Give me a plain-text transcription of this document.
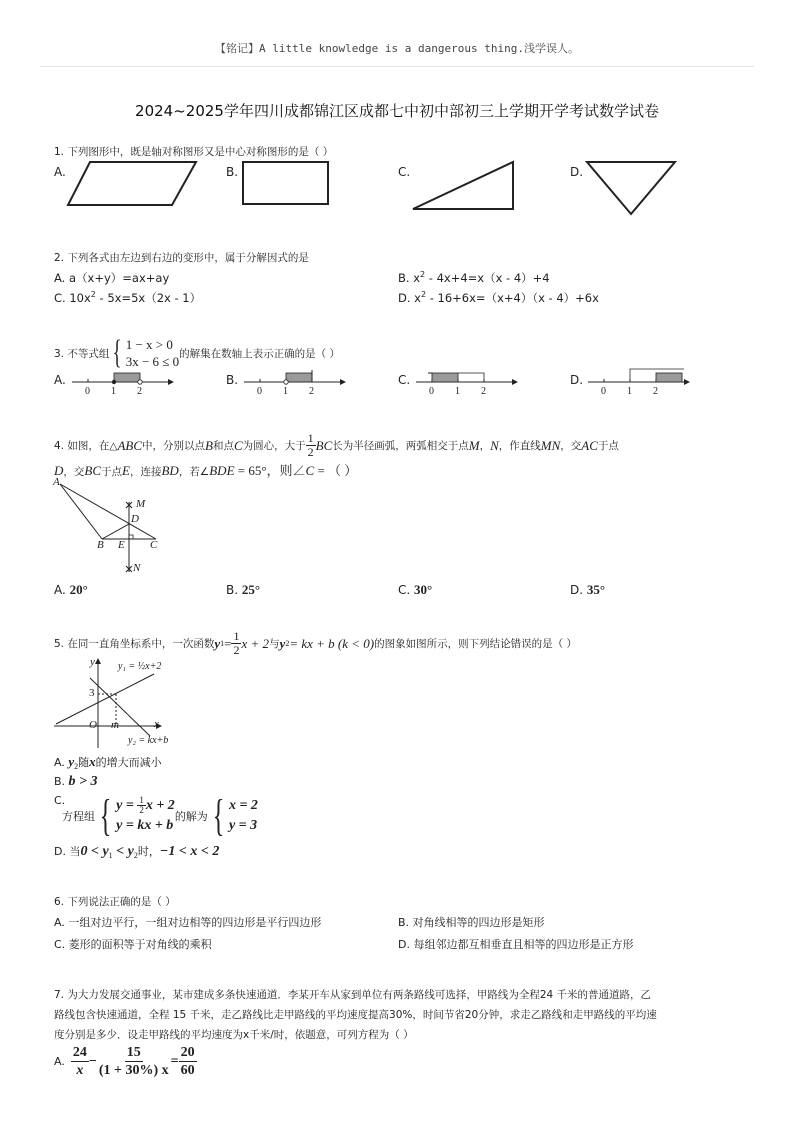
【铭记】A little knowledge is a dangerous thing.浅学误人。
2024~2025学年四川成都锦江区成都七中初中部初三上学期开学考试数学试卷
1. 下列图形中，既是轴对称图形又是中心对称图形的是（ ）
A.	B.	C.	D.
2. 下列各式由左边到右边的变形中，属于分解因式的是
A. a（x+y）=ax+ay	B. $x^2 - 4x+4=x(x - 4)+4$
C. $10x^2 - 5x=5x(2x - 1)$	D. $x^2 - 16+6x=(x+4)(x - 4)+6x$
3. 不等式组 { 1 − x > 0
3x − 6 ≤ 0
的解集在数轴上表示正确的是（ ）
A.	B.	C.	D.
0 1 2	0 1 2	0 1 2	0 1 2
4. 如图，在△ ABC 中，分别以点 B 和点 C 为圆心，大于 $\frac{1}{2}$ BC 长为半径画弧，两弧相交于点 M ， N ，作直线 MN ，交 AC 于点
D，交BC于点E，连接BD，若∠BDE = 65°，则∠C = （ ）
A
M
D
B E C
N
A. 20°	B. 25°	C. 30°	D. 35°
5. 在同一直角坐标系中，一次函数 y $1 = \frac{1}{2}$ x + 2 与 y 2 = kx + b (k < 0) 的图象如图所示，则下列结论错误的是（ ）
y y₁ = ½x+2
3
O m	x
y₂ = kx+b
A. $y_2$随x的增大而减小
B. b > 3
C.
方程组 { $y = \frac{1}{2}$ x + 2
y = kx + b
的解为 { x = 2
y = 3
D. 当$0 < y_1 < y_2$时，−1 < x < 2
6. 下列说法正确的是（ ）
A. 一组对边平行，一组对边相等的四边形是平行四边形	B. 对角线相等的四边形是矩形
C. 菱形的面积等于对角线的乘积	D. 每组邻边都互相垂直且相等的四边形是正方形
7. 为大力发展交通事业，某市建成多条快速通道．李某开车从家到单位有两条路线可选择，甲路线为全程24 千米的普通道路，乙
路线包含快速通道，全程 15 千米，走乙路线比走甲路线的平均速度提高30%，时间节省20分钟，求走乙路线和走甲路线的平均速
度分别是多少．设走甲路线的平均速度为x千米/时，依题意，可列方程为（ ）
A. $\frac{24}{x} - \frac{15}{(1 + 30\%) x} = \frac{20}{60}$
